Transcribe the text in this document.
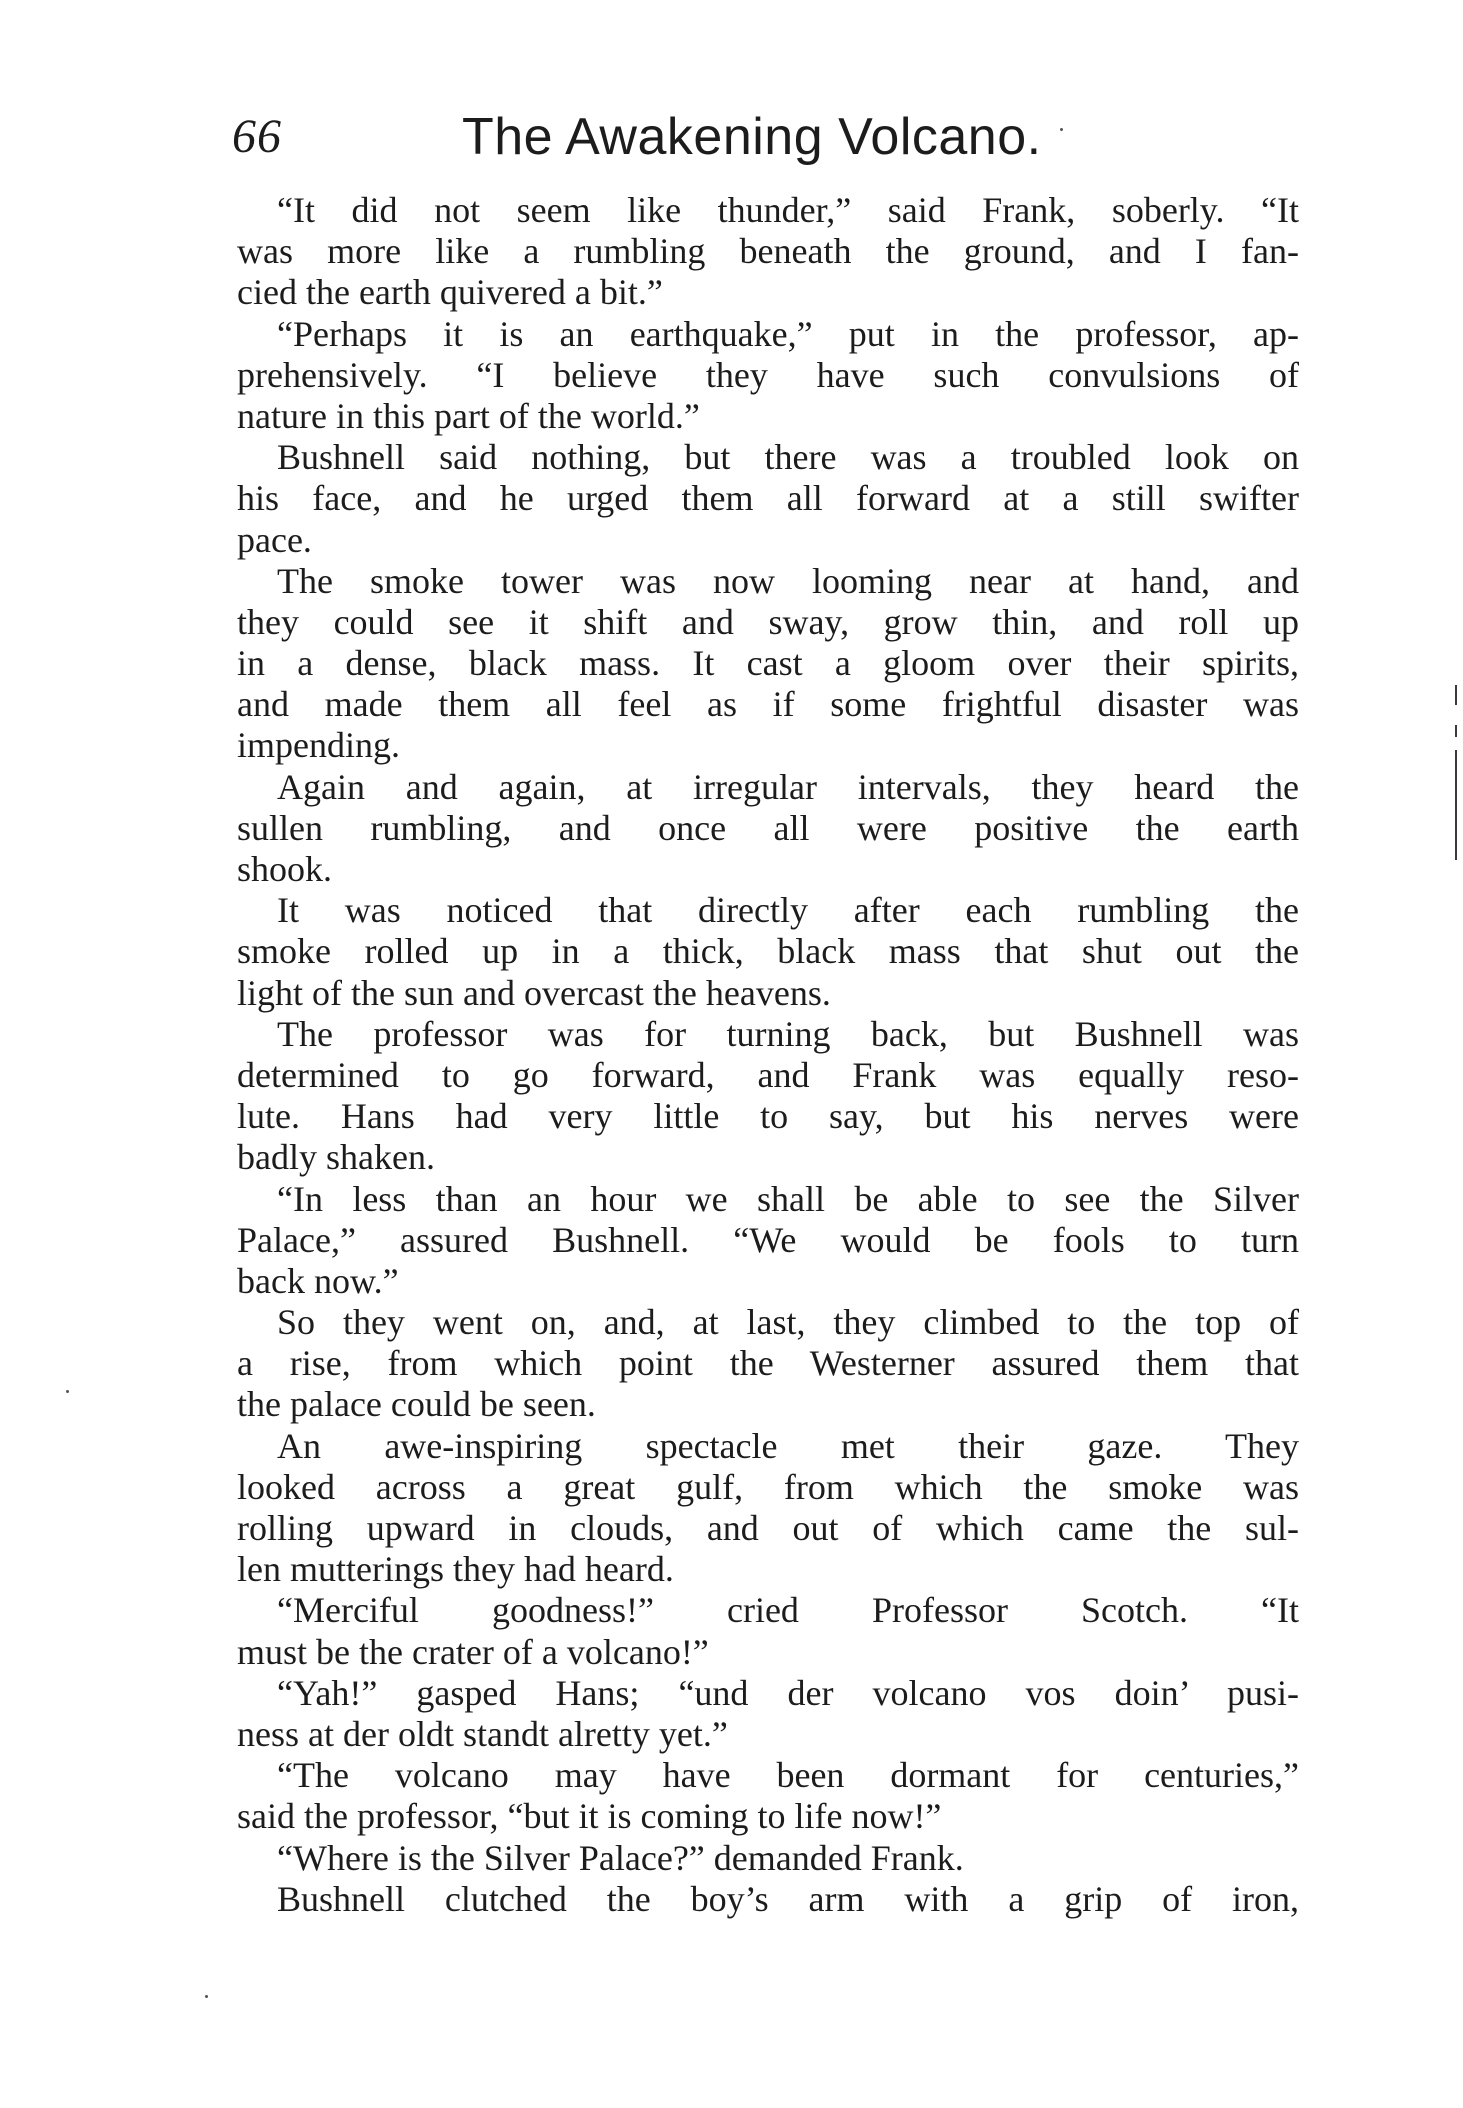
66	The Awakening Volcano.
“It did not seem like thunder,” said Frank, soberly. “It
was more like a rumbling beneath the ground, and I fan-
cied the earth quivered a bit.”
“Perhaps it is an earthquake,” put in the professor, ap-
prehensively. “I believe they have such convulsions of
nature in this part of the world.”
Bushnell said nothing, but there was a troubled look on
his face, and he urged them all forward at a still swifter
pace.
The smoke tower was now looming near at hand, and
they could see it shift and sway, grow thin, and roll up
in a dense, black mass. It cast a gloom over their spirits,
and made them all feel as if some frightful disaster was
impending.
Again and again, at irregular intervals, they heard the
sullen rumbling, and once all were positive the earth
shook.
It was noticed that directly after each rumbling the
smoke rolled up in a thick, black mass that shut out the
light of the sun and overcast the heavens.
The professor was for turning back, but Bushnell was
determined to go forward, and Frank was equally reso-
lute. Hans had very little to say, but his nerves were
badly shaken.
“In less than an hour we shall be able to see the Silver
Palace,” assured Bushnell. “We would be fools to turn
back now.”
So they went on, and, at last, they climbed to the top of
a rise, from which point the Westerner assured them that
the palace could be seen.
An awe-inspiring spectacle met their gaze. They
looked across a great gulf, from which the smoke was
rolling upward in clouds, and out of which came the sul-
len mutterings they had heard.
“Merciful goodness!” cried Professor Scotch. “It
must be the crater of a volcano!”
“Yah!” gasped Hans; “und der volcano vos doin’ pusi-
ness at der oldt standt alretty yet.”
“The volcano may have been dormant for centuries,”
said the professor, “but it is coming to life now!”
“Where is the Silver Palace?” demanded Frank.
Bushnell clutched the boy’s arm with a grip of iron,
